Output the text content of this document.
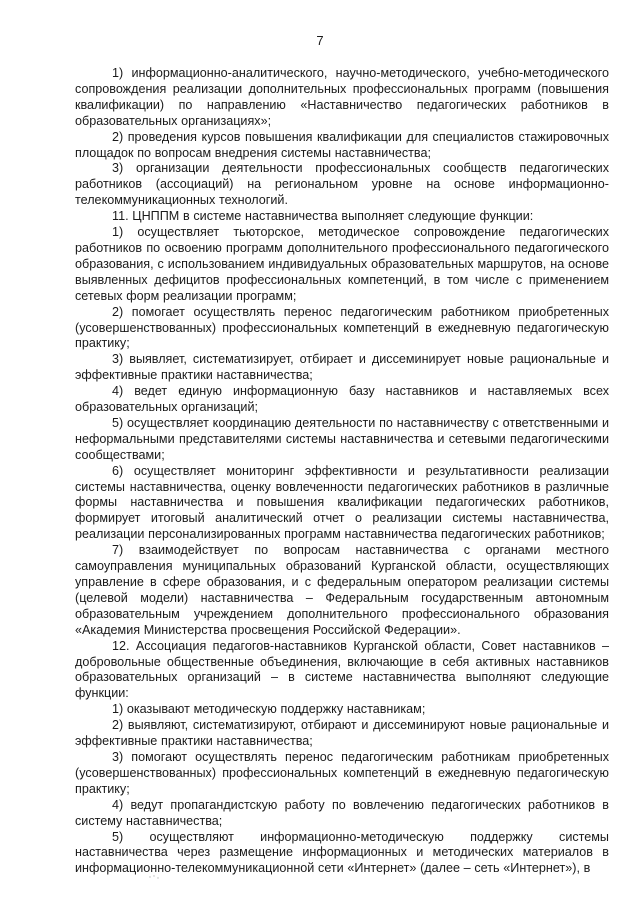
7

1) информационно-аналитического, научно-методического, учебно-методического сопровождения реализации дополнительных профессиональных программ (повышения квалификации) по направлению «Наставничество педагогических работников в образовательных организациях»;

2) проведения курсов повышения квалификации для специалистов стажировочных площадок по вопросам внедрения системы наставничества;

3) организации деятельности профессиональных сообществ педагогических работников (ассоциаций) на региональном уровне на основе информационно-телекоммуникационных технологий.

11. ЦНППМ в системе наставничества выполняет следующие функции:

1) осуществляет тьюторское, методическое сопровождение педагогических работников по освоению программ дополнительного профессионального педагогического образования, с использованием индивидуальных образовательных маршрутов, на основе выявленных дефицитов профессиональных компетенций, в том числе с применением сетевых форм реализации программ;

2) помогает осуществлять перенос педагогическим работником приобретенных (усовершенствованных) профессиональных компетенций в ежедневную педагогическую практику;

3) выявляет, систематизирует, отбирает и диссеминирует новые рациональные и эффективные практики наставничества;

4) ведет единую информационную базу наставников и наставляемых всех образовательных организаций;

5) осуществляет координацию деятельности по наставничеству с ответственными и неформальными представителями системы наставничества и сетевыми педагогическими сообществами;

6) осуществляет мониторинг эффективности и результативности реализации системы наставничества, оценку вовлеченности педагогических работников в различные формы наставничества и повышения квалификации педагогических работников, формирует итоговый аналитический отчет о реализации системы наставничества, реализации персонализированных программ наставничества педагогических работников;

7) взаимодействует по вопросам наставничества с органами местного самоуправления муниципальных образований Курганской области, осуществляющих управление в сфере образования, и с федеральным оператором реализации системы (целевой модели) наставничества – Федеральным государственным автономным образовательным учреждением дополнительного профессионального образования «Академия Министерства просвещения Российской Федерации».

12. Ассоциация педагогов-наставников Курганской области, Совет наставников – добровольные общественные объединения, включающие в себя активных наставников образовательных организаций – в системе наставничества выполняют следующие функции:

1) оказывают методическую поддержку наставникам;

2) выявляют, систематизируют, отбирают и диссеминируют новые рациональные и эффективные практики наставничества;

3) помогают осуществлять перенос педагогическим работникам приобретенных (усовершенствованных) профессиональных компетенций в ежедневную педагогическую практику;

4) ведут пропагандистскую работу по вовлечению педагогических работников в систему наставничества;

5) осуществляют информационно-методическую поддержку системы наставничества через размещение информационных и методических материалов в информационно-телекоммуникационной сети «Интернет» (далее – сеть «Интернет»), в
